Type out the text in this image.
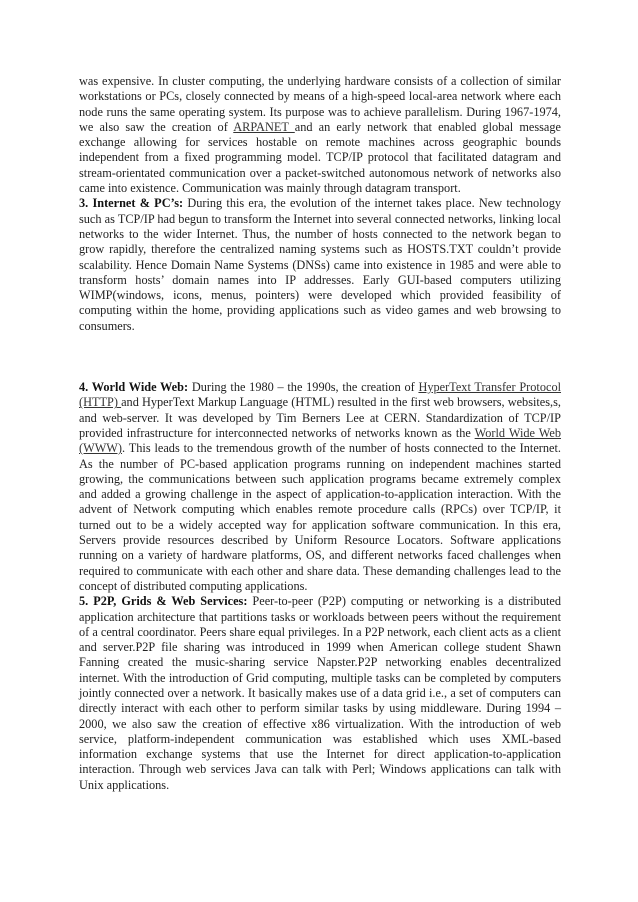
was expensive. In cluster computing, the underlying hardware consists of a collection of similar workstations or PCs, closely connected by means of a high-speed local-area network where each node runs the same operating system. Its purpose was to achieve parallelism. During 1967-1974, we also saw the creation of ARPANET and an early network that enabled global message exchange allowing for services hostable on remote machines across geographic bounds independent from a fixed programming model. TCP/IP protocol that facilitated datagram and stream-orientated communication over a packet-switched autonomous network of networks also came into existence. Communication was mainly through datagram transport.

3. Internet & PC’s: During this era, the evolution of the internet takes place. New technology such as TCP/IP had begun to transform the Internet into several connected networks, linking local networks to the wider Internet. Thus, the number of hosts connected to the network began to grow rapidly, therefore the centralized naming systems such as HOSTS.TXT couldn’t provide scalability. Hence Domain Name Systems (DNSs) came into existence in 1985 and were able to transform hosts’ domain names into IP addresses. Early GUI-based computers utilizing WIMP(windows, icons, menus, pointers) were developed which provided feasibility of computing within the home, providing applications such as video games and web browsing to consumers.

4. World Wide Web: During the 1980 – the 1990s, the creation of HyperText Transfer Protocol (HTTP) and HyperText Markup Language (HTML) resulted in the first web browsers, websites,s, and web-server. It was developed by Tim Berners Lee at CERN. Standardization of TCP/IP provided infrastructure for interconnected networks of networks known as the World Wide Web (WWW). This leads to the tremendous growth of the number of hosts connected to the Internet. As the number of PC-based application programs running on independent machines started growing, the communications between such application programs became extremely complex and added a growing challenge in the aspect of application-to-application interaction. With the advent of Network computing which enables remote procedure calls (RPCs) over TCP/IP, it turned out to be a widely accepted way for application software communication. In this era, Servers provide resources described by Uniform Resource Locators. Software applications running on a variety of hardware platforms, OS, and different networks faced challenges when required to communicate with each other and share data. These demanding challenges lead to the concept of distributed computing applications.

5. P2P, Grids & Web Services: Peer-to-peer (P2P) computing or networking is a distributed application architecture that partitions tasks or workloads between peers without the requirement of a central coordinator. Peers share equal privileges. In a P2P network, each client acts as a client and server.P2P file sharing was introduced in 1999 when American college student Shawn Fanning created the music-sharing service Napster.P2P networking enables decentralized internet. With the introduction of Grid computing, multiple tasks can be completed by computers jointly connected over a network. It basically makes use of a data grid i.e., a set of computers can directly interact with each other to perform similar tasks by using middleware. During 1994 – 2000, we also saw the creation of effective x86 virtualization. With the introduction of web service, platform-independent communication was established which uses XML-based information exchange systems that use the Internet for direct application-to-application interaction. Through web services Java can talk with Perl; Windows applications can talk with Unix applications.
